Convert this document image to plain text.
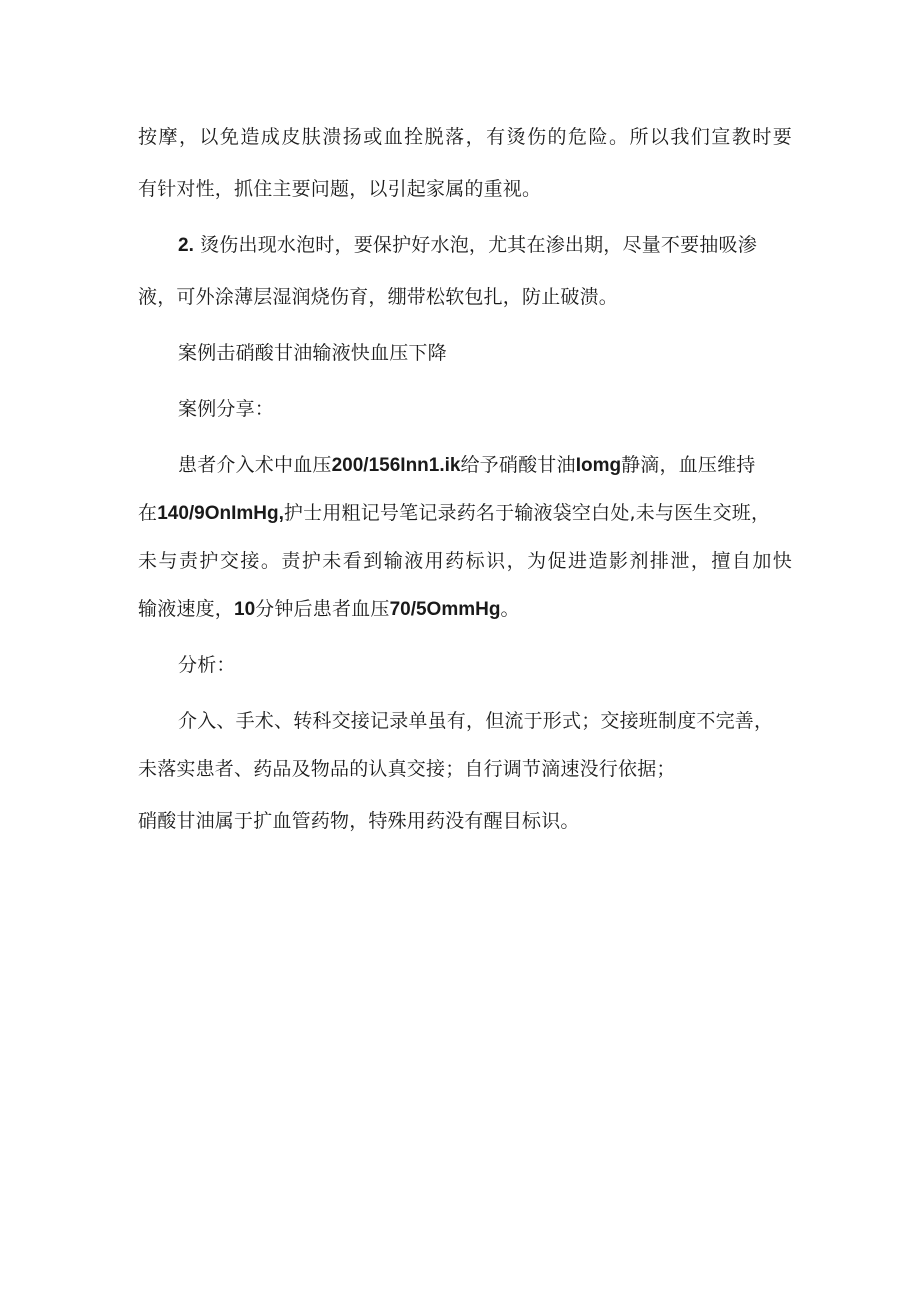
按摩，以免造成皮肤溃扬或血拴脱落，有烫伤的危险。所以我们宣教时要
有针对性，抓住主要问题，以引起家属的重视。
2. 烫伤出现水泡时，要保护好水泡，尤其在渗出期，尽量不要抽吸渗
液，可外涂薄层湿润烧伤育，绷带松软包扎，防止破溃。
案例击硝酸甘油输液快血压下降
案例分享：
患者介入术中血压200/156Inn1.ik给予硝酸甘油Iomg静滴，血压维持
在140/9OnImHg,护士用粗记号笔记录药名于输液袋空白处,未与医生交班，
未与责护交接。责护未看到输液用药标识，为促进造影剂排泄，擅自加快
输液速度，10分钟后患者血压70/5OmmHg。
分析：
介入、手术、转科交接记录单虽有，但流于形式；交接班制度不完善，
未落实患者、药品及物品的认真交接；自行调节滴速没行依据；
硝酸甘油属于扩血管药物，特殊用药没有醒目标识。
